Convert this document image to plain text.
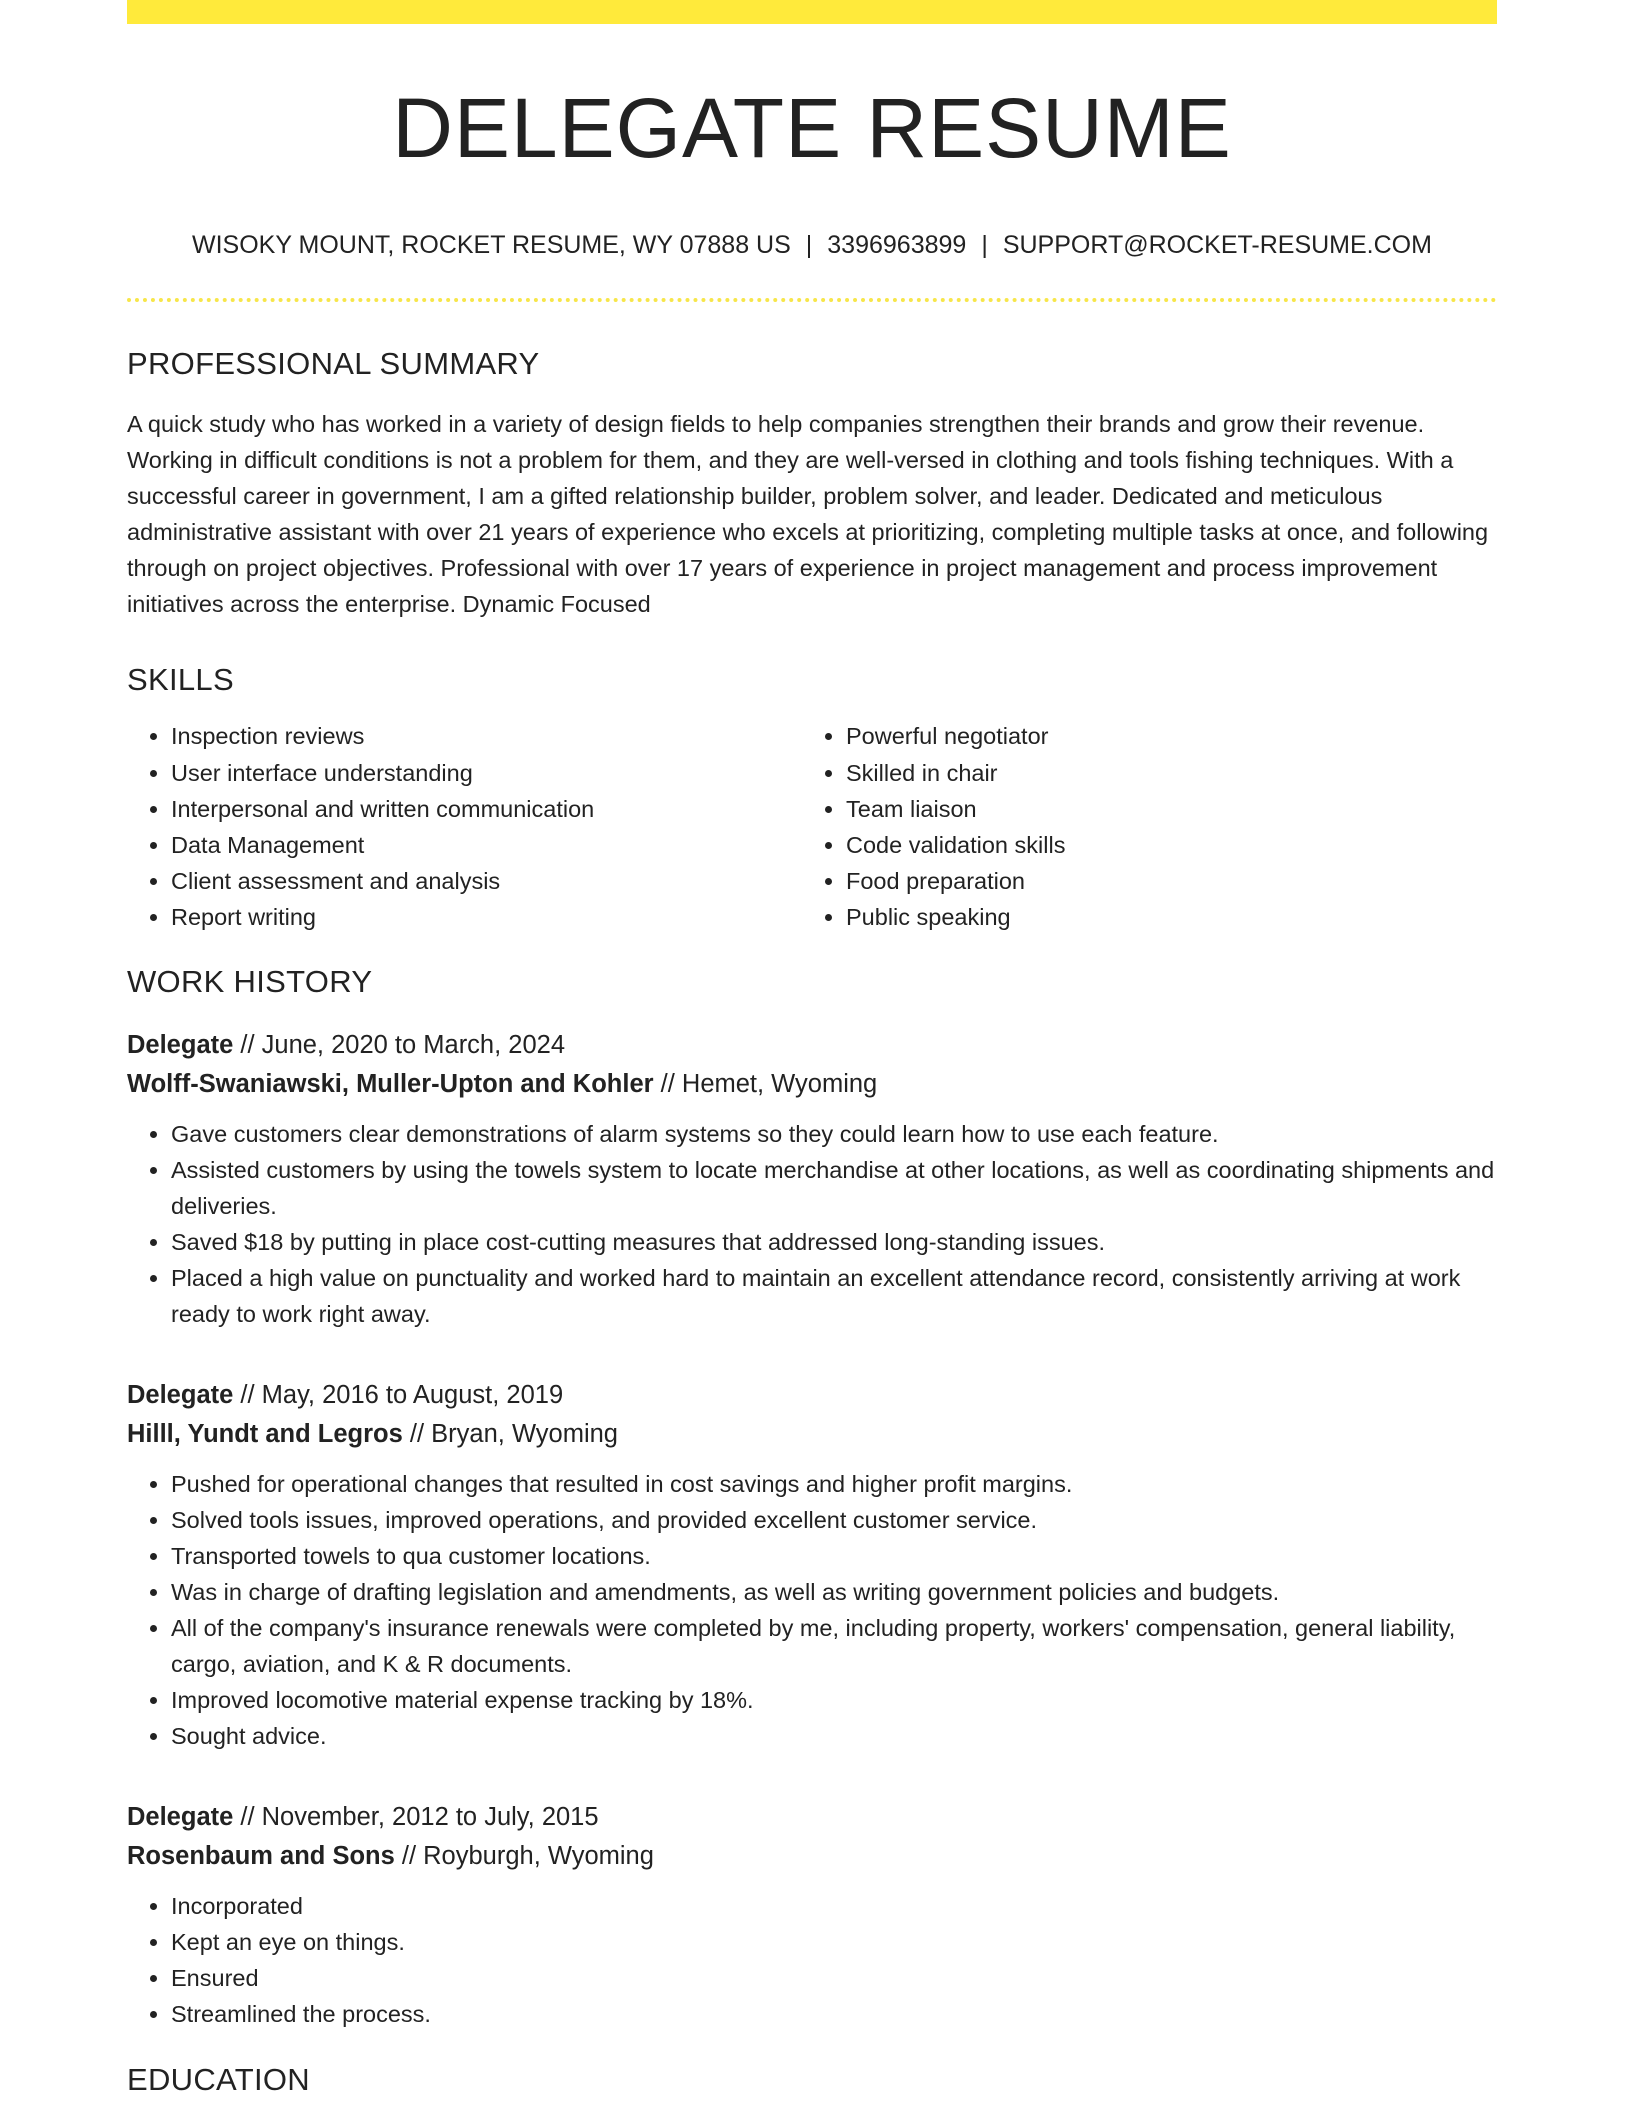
DELEGATE RESUME
WISOKY MOUNT, ROCKET RESUME, WY 07888 US | 3396963899 | SUPPORT@ROCKET-RESUME.COM
PROFESSIONAL SUMMARY
A quick study who has worked in a variety of design fields to help companies strengthen their brands and grow their revenue. Working in difficult conditions is not a problem for them, and they are well-versed in clothing and tools fishing techniques. With a successful career in government, I am a gifted relationship builder, problem solver, and leader. Dedicated and meticulous administrative assistant with over 21 years of experience who excels at prioritizing, completing multiple tasks at once, and following through on project objectives. Professional with over 17 years of experience in project management and process improvement initiatives across the enterprise. Dynamic Focused
SKILLS
• Inspection reviews
• User interface understanding
• Interpersonal and written communication
• Data Management
• Client assessment and analysis
• Report writing
• Powerful negotiator
• Skilled in chair
• Team liaison
• Code validation skills
• Food preparation
• Public speaking
WORK HISTORY
Delegate // June, 2020 to March, 2024
Wolff-Swaniawski, Muller-Upton and Kohler // Hemet, Wyoming
• Gave customers clear demonstrations of alarm systems so they could learn how to use each feature.
• Assisted customers by using the towels system to locate merchandise at other locations, as well as coordinating shipments and deliveries.
• Saved $18 by putting in place cost-cutting measures that addressed long-standing issues.
• Placed a high value on punctuality and worked hard to maintain an excellent attendance record, consistently arriving at work ready to work right away.
Delegate // May, 2016 to August, 2019
Hilll, Yundt and Legros // Bryan, Wyoming
• Pushed for operational changes that resulted in cost savings and higher profit margins.
• Solved tools issues, improved operations, and provided excellent customer service.
• Transported towels to qua customer locations.
• Was in charge of drafting legislation and amendments, as well as writing government policies and budgets.
• All of the company's insurance renewals were completed by me, including property, workers' compensation, general liability, cargo, aviation, and K & R documents.
• Improved locomotive material expense tracking by 18%.
• Sought advice.
Delegate // November, 2012 to July, 2015
Rosenbaum and Sons // Royburgh, Wyoming
• Incorporated
• Kept an eye on things.
• Ensured
• Streamlined the process.
EDUCATION
